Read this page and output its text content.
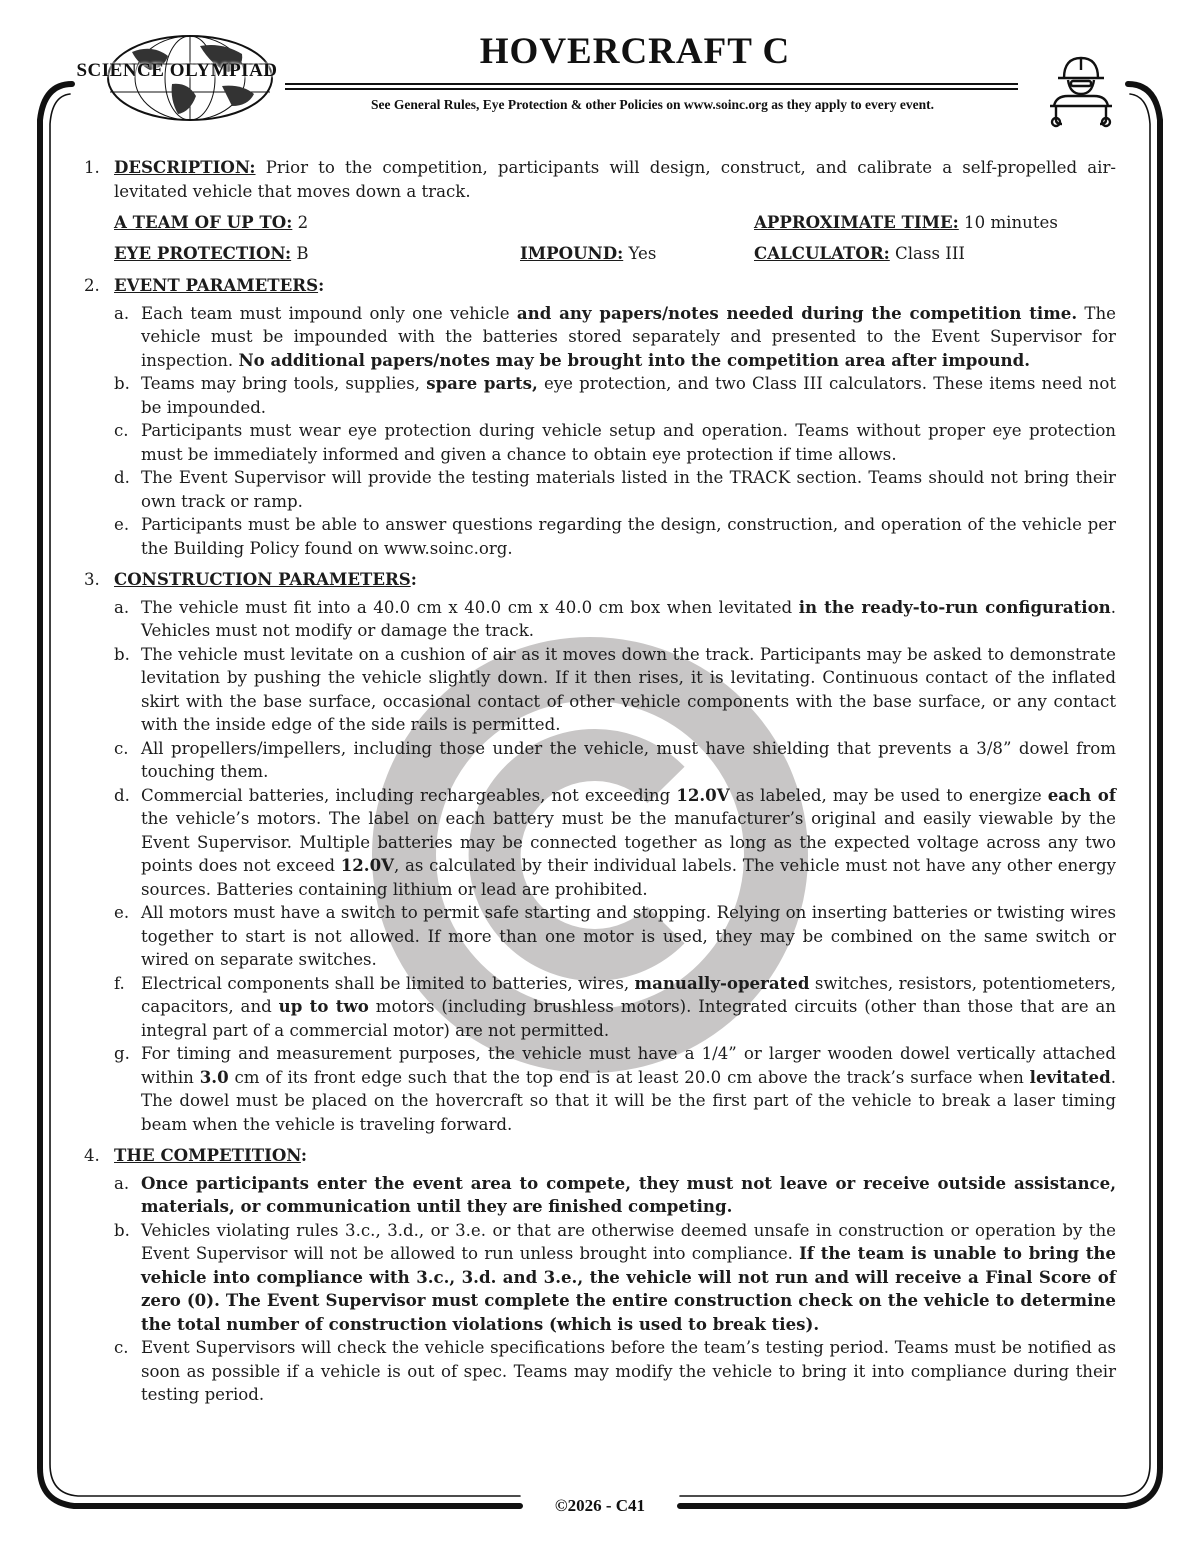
SCIENCE OLYMPIAD	HOVERCRAFT C
See General Rules, Eye Protection & other Policies on www.soinc.org as they apply to every event.
1. DESCRIPTION: Prior to the competition, participants will design, construct, and calibrate a self-propelled air-levitated vehicle that moves down a track.
A TEAM OF UP TO: 2	APPROXIMATE TIME: 10 minutes
EYE PROTECTION: B	IMPOUND: Yes	CALCULATOR: Class III
2. EVENT PARAMETERS:
a. Each team must impound only one vehicle and any papers/notes needed during the competition time. The vehicle must be impounded with the batteries stored separately and presented to the Event Supervisor for inspection. No additional papers/notes may be brought into the competition area after impound.
b. Teams may bring tools, supplies, spare parts, eye protection, and two Class III calculators. These items need not be impounded.
c. Participants must wear eye protection during vehicle setup and operation. Teams without proper eye protection must be immediately informed and given a chance to obtain eye protection if time allows.
d. The Event Supervisor will provide the testing materials listed in the TRACK section. Teams should not bring their own track or ramp.
e. Participants must be able to answer questions regarding the design, construction, and operation of the vehicle per the Building Policy found on www.soinc.org.
3. CONSTRUCTION PARAMETERS:
a. The vehicle must fit into a 40.0 cm x 40.0 cm x 40.0 cm box when levitated in the ready-to-run configuration. Vehicles must not modify or damage the track.
b. The vehicle must levitate on a cushion of air as it moves down the track. Participants may be asked to demonstrate levitation by pushing the vehicle slightly down. If it then rises, it is levitating. Continuous contact of the inflated skirt with the base surface, occasional contact of other vehicle components with the base surface, or any contact with the inside edge of the side rails is permitted.
c. All propellers/impellers, including those under the vehicle, must have shielding that prevents a 3/8” dowel from touching them.
d. Commercial batteries, including rechargeables, not exceeding 12.0V as labeled, may be used to energize each of the vehicle’s motors. The label on each battery must be the manufacturer’s original and easily viewable by the Event Supervisor. Multiple batteries may be connected together as long as the expected voltage across any two points does not exceed 12.0V, as calculated by their individual labels. The vehicle must not have any other energy sources. Batteries containing lithium or lead are prohibited.
e. All motors must have a switch to permit safe starting and stopping. Relying on inserting batteries or twisting wires together to start is not allowed. If more than one motor is used, they may be combined on the same switch or wired on separate switches.
f. Electrical components shall be limited to batteries, wires, manually-operated switches, resistors, potentiometers, capacitors, and up to two motors (including brushless motors). Integrated circuits (other than those that are an integral part of a commercial motor) are not permitted.
g. For timing and measurement purposes, the vehicle must have a 1/4” or larger wooden dowel vertically attached within 3.0 cm of its front edge such that the top end is at least 20.0 cm above the track’s surface when levitated. The dowel must be placed on the hovercraft so that it will be the first part of the vehicle to break a laser timing beam when the vehicle is traveling forward.
4. THE COMPETITION:
a. Once participants enter the event area to compete, they must not leave or receive outside assistance, materials, or communication until they are finished competing.
b. Vehicles violating rules 3.c., 3.d., or 3.e. or that are otherwise deemed unsafe in construction or operation by the Event Supervisor will not be allowed to run unless brought into compliance. If the team is unable to bring the vehicle into compliance with 3.c., 3.d. and 3.e., the vehicle will not run and will receive a Final Score of zero (0). The Event Supervisor must complete the entire construction check on the vehicle to determine the total number of construction violations (which is used to break ties).
c. Event Supervisors will check the vehicle specifications before the team’s testing period. Teams must be notified as soon as possible if a vehicle is out of spec. Teams may modify the vehicle to bring it into compliance during their testing period.
©2026 - C41
